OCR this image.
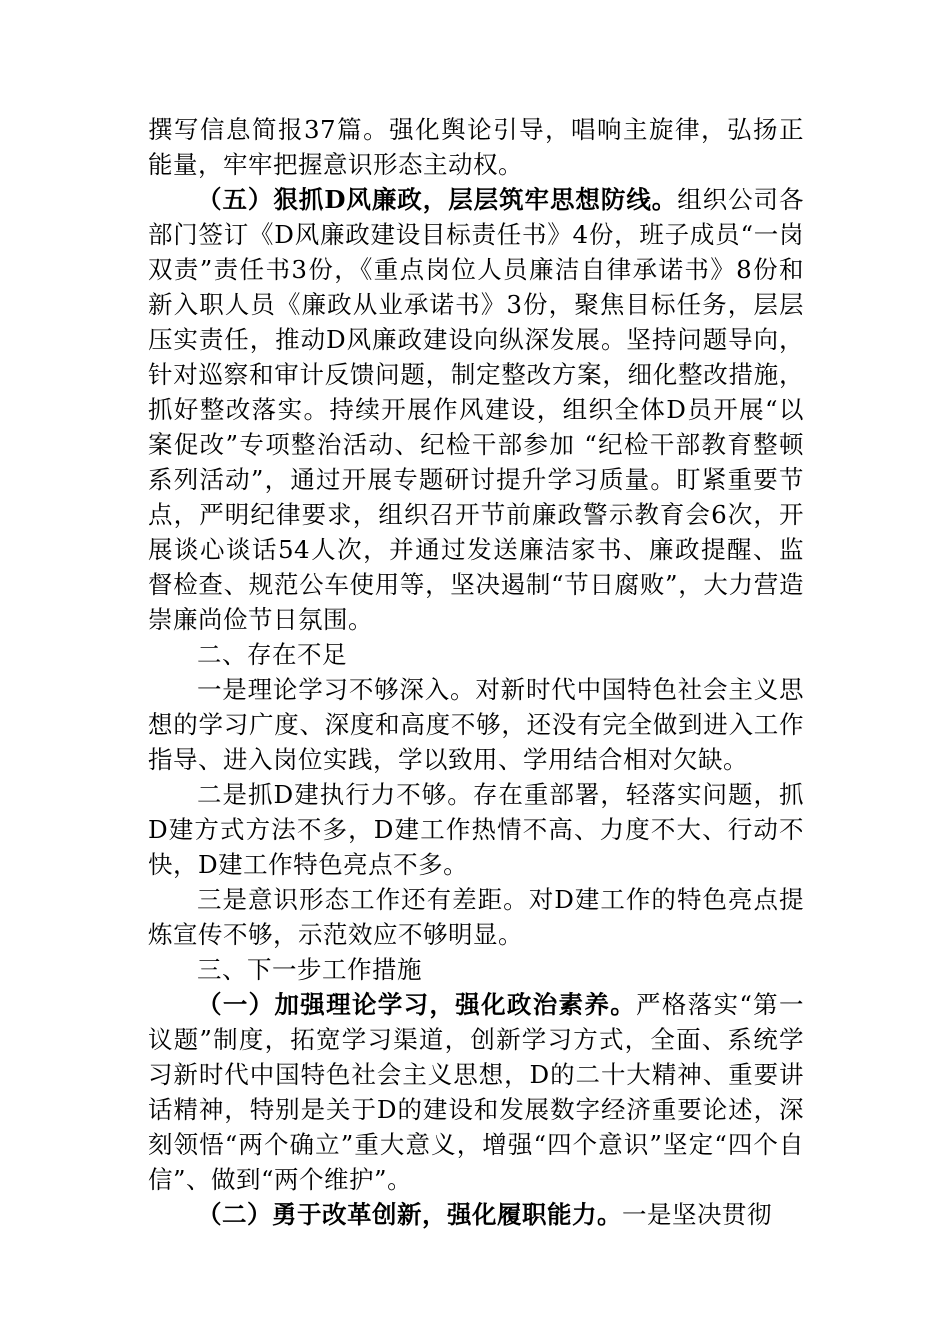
撰写信息简报37篇。强化舆论引导，唱响主旋律，弘扬正能量，牢牢把握意识形态主动权。

（五）狠抓D风廉政，层层筑牢思想防线。组织公司各部门签订《D风廉政建设目标责任书》4份，班子成员“一岗双责”责任书3份，《重点岗位人员廉洁自律承诺书》8份和新入职人员《廉政从业承诺书》3份，聚焦目标任务，层层压实责任，推动D风廉政建设向纵深发展。坚持问题导向，针对巡察和审计反馈问题，制定整改方案，细化整改措施，抓好整改落实。持续开展作风建设，组织全体D员开展“以案促改”专项整治活动、纪检干部参加 “纪检干部教育整顿系列活动”，通过开展专题研讨提升学习质量。盯紧重要节点，严明纪律要求，组织召开节前廉政警示教育会6次，开展谈心谈话54人次，并通过发送廉洁家书、廉政提醒、监督检查、规范公车使用等，坚决遏制“节日腐败”，大力营造崇廉尚俭节日氛围。

二、存在不足

一是理论学习不够深入。对新时代中国特色社会主义思想的学习广度、深度和高度不够，还没有完全做到进入工作指导、进入岗位实践，学以致用、学用结合相对欠缺。

二是抓D建执行力不够。存在重部署，轻落实问题，抓D建方式方法不多，D建工作热情不高、力度不大、行动不快，D建工作特色亮点不多。

三是意识形态工作还有差距。对D建工作的特色亮点提炼宣传不够，示范效应不够明显。

三、下一步工作措施

（一）加强理论学习，强化政治素养。严格落实“第一议题”制度，拓宽学习渠道，创新学习方式，全面、系统学习新时代中国特色社会主义思想，D的二十大精神、重要讲话精神，特别是关于D的建设和发展数字经济重要论述，深刻领悟“两个确立”重大意义，增强“四个意识”坚定“四个自信”、做到“两个维护”。

（二）勇于改革创新，强化履职能力。一是坚决贯彻
